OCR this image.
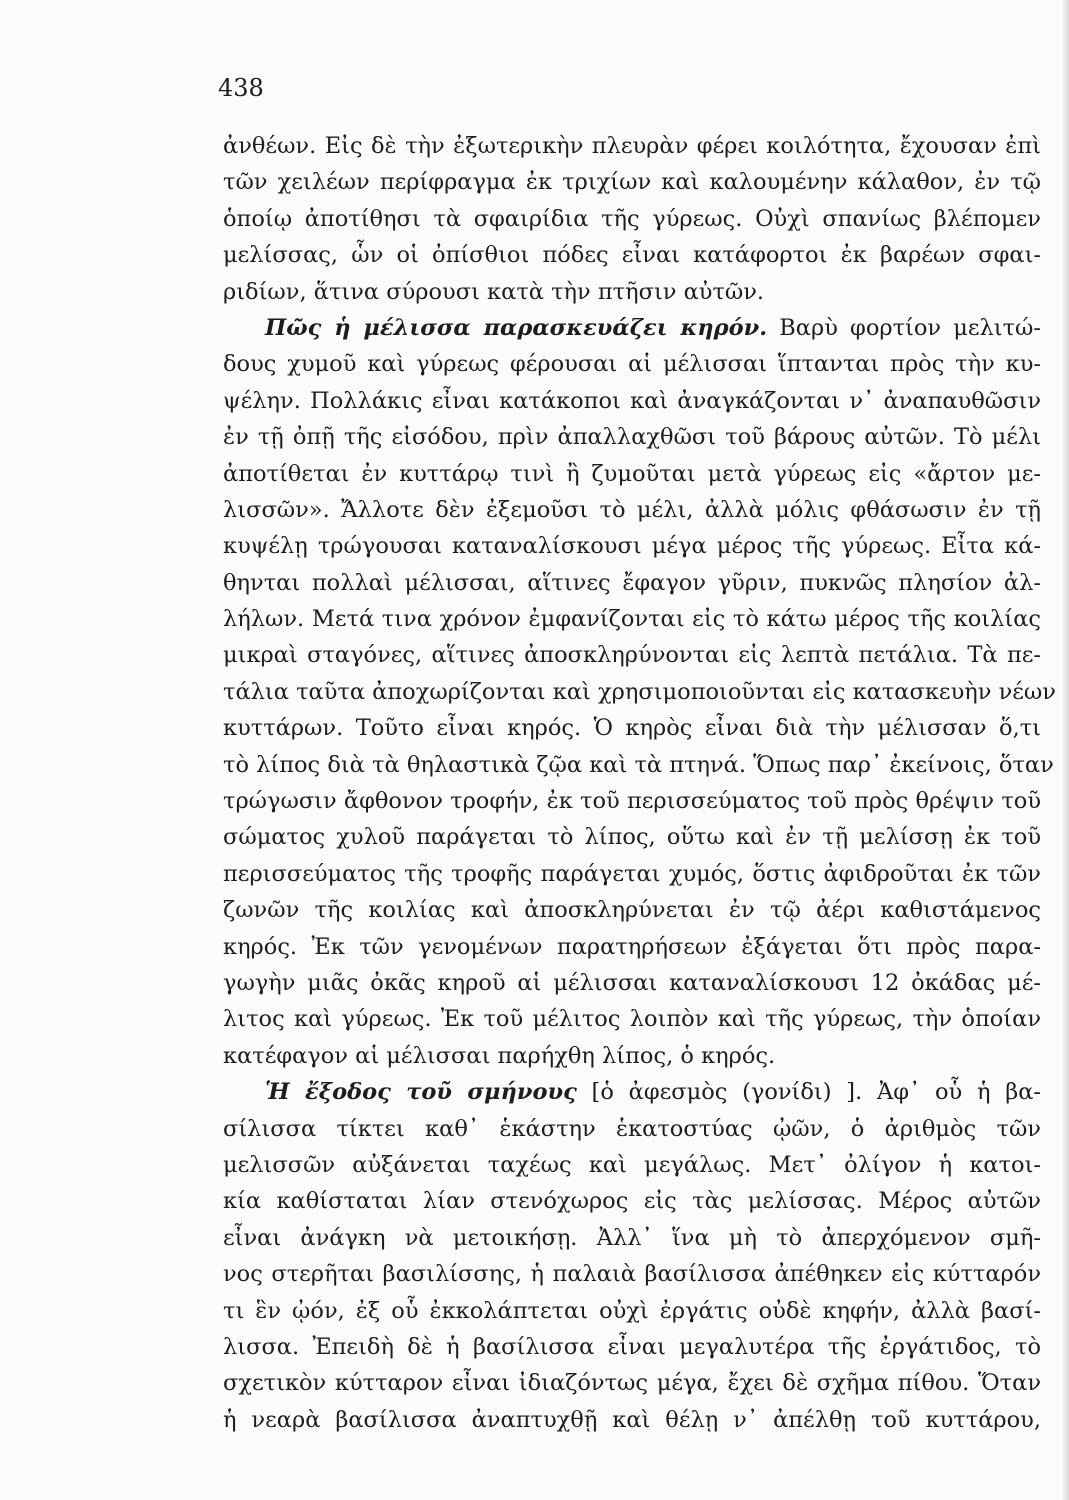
438
ἀνθέων. Εἰς δὲ τὴν ἐξωτερικὴν πλευρὰν φέρει κοιλότητα, ἔχουσαν ἐπὶ
τῶν χειλέων περίφραγμα ἐκ τριχίων καὶ καλουμένην κάλαθον, ἐν τῷ
ὁποίῳ ἀποτίθησι τὰ σφαιρίδια τῆς γύρεως. Οὐχὶ σπανίως βλέπομεν
μελίσσας, ὧν οἱ ὀπίσθιοι πόδες εἶναι κατάφορτοι ἐκ βαρέων σφαι-
ριδίων, ἅτινα σύρουσι κατὰ τὴν πτῆσιν αὐτῶν.
Πῶς ἡ μέλισσα παρασκευάζει κηρόν. Βαρὺ φορτίον μελιτώ-
δους χυμοῦ καὶ γύρεως φέρουσαι αἱ μέλισσαι ἵπτανται πρὸς τὴν κυ-
ψέλην. Πολλάκις εἶναι κατάκοποι καὶ ἀναγκάζονται ν᾽ ἀναπαυθῶσιν
ἐν τῇ ὀπῇ τῆς εἰσόδου, πρὶν ἀπαλλαχθῶσι τοῦ βάρους αὐτῶν. Τὸ μέλι
ἀποτίθεται ἐν κυττάρῳ τινὶ ἢ ζυμοῦται μετὰ γύρεως εἰς «ἄρτον με-
λισσῶν». Ἄλλοτε δὲν ἐξεμοῦσι τὸ μέλι, ἀλλὰ μόλις φθάσωσιν ἐν τῇ
κυψέλῃ τρώγουσαι καταναλίσκουσι μέγα μέρος τῆς γύρεως. Εἶτα κά-
θηνται πολλαὶ μέλισσαι, αἵτινες ἔφαγον γῦριν, πυκνῶς πλησίον ἀλ-
λήλων. Μετά τινα χρόνον ἐμφανίζονται εἰς τὸ κάτω μέρος τῆς κοιλίας
μικραὶ σταγόνες, αἵτινες ἀποσκληρύνονται εἰς λεπτὰ πετάλια. Τὰ πε-
τάλια ταῦτα ἀποχωρίζονται καὶ χρησιμοποιοῦνται εἰς κατασκευὴν νέων
κυττάρων. Τοῦτο εἶναι κηρός. Ὁ κηρὸς εἶναι διὰ τὴν μέλισσαν ὅ,τι
τὸ λίπος διὰ τὰ θηλαστικὰ ζῷα καὶ τὰ πτηνά. Ὅπως παρ᾽ ἐκείνοις, ὅταν
τρώγωσιν ἄφθονον τροφήν, ἐκ τοῦ περισσεύματος τοῦ πρὸς θρέψιν τοῦ
σώματος χυλοῦ παράγεται τὸ λίπος, οὕτω καὶ ἐν τῇ μελίσσῃ ἐκ τοῦ
περισσεύματος τῆς τροφῆς παράγεται χυμός, ὅστις ἀφιδροῦται ἐκ τῶν
ζωνῶν τῆς κοιλίας καὶ ἀποσκληρύνεται ἐν τῷ ἀέρι καθιστάμενος
κηρός. Ἐκ τῶν γενομένων παρατηρήσεων ἐξάγεται ὅτι πρὸς παρα-
γωγὴν μιᾶς ὀκᾶς κηροῦ αἱ μέλισσαι καταναλίσκουσι 12 ὀκάδας μέ-
λιτος καὶ γύρεως. Ἐκ τοῦ μέλιτος λοιπὸν καὶ τῆς γύρεως, τὴν ὁποίαν
κατέφαγον αἱ μέλισσαι παρήχθη λίπος, ὁ κηρός.
Ἡ ἔξοδος τοῦ σμήνους [ὁ ἀφεσμὸς (γονίδι) ]. Ἀφ᾽ οὗ ἡ βα-
σίλισσα τίκτει καθ᾽ ἑκάστην ἑκατοστύας ᾠῶν, ὁ ἀριθμὸς τῶν
μελισσῶν αὐξάνεται ταχέως καὶ μεγάλως. Μετ᾽ ὀλίγον ἡ κατοι-
κία καθίσταται λίαν στενόχωρος εἰς τὰς μελίσσας. Μέρος αὐτῶν
εἶναι ἀνάγκη νὰ μετοικήσῃ. Ἀλλ᾽ ἵνα μὴ τὸ ἀπερχόμενον σμῆ-
νος στερῆται βασιλίσσης, ἡ παλαιὰ βασίλισσα ἀπέθηκεν εἰς κύτταρόν
τι ἓν ᾠόν, ἐξ οὗ ἐκκολάπτεται οὐχὶ ἐργάτις οὐδὲ κηφήν, ἀλλὰ βασί-
λισσα. Ἐπειδὴ δὲ ἡ βασίλισσα εἶναι μεγαλυτέρα τῆς ἐργάτιδος, τὸ
σχετικὸν κύτταρον εἶναι ἰδιαζόντως μέγα, ἔχει δὲ σχῆμα πίθου. Ὅταν
ἡ νεαρὰ βασίλισσα ἀναπτυχθῇ καὶ θέλῃ ν᾽ ἀπέλθῃ τοῦ κυττάρου,
